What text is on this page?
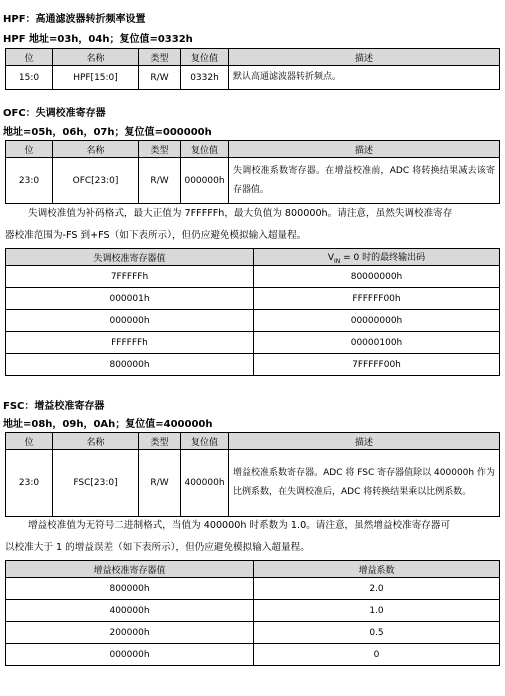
HPF：高通滤波器转折频率设置
HPF 地址=03h，04h；复位值=0332h
位	名称	类型	复位值	描述
15:0	HPF[15:0]	R/W	0332h	默认高通滤波器转折频点。
OFC：失调校准寄存器
地址=05h，06h，07h；复位值=000000h
位	名称	类型	复位值	描述
23:0	OFC[23:0]	R/W	000000h	失调校准系数寄存器。在增益校准前，ADC 将转换结果减去该寄存器值。
失调校准值为补码格式，最大正值为 7FFFFFh，最大负值为 800000h。请注意，虽然失调校准寄存
器校准范围为-FS 到+FS（如下表所示），但仍应避免模拟输入超量程。
失调校准寄存器值	$V_{IN} = 0$ 时的最终输出码
7FFFFFh	80000000h
000001h	FFFFFF00h
000000h	00000000h
FFFFFFh	00000100h
800000h	7FFFFF00h
FSC：增益校准寄存器
地址=08h，09h，0Ah；复位值=400000h
位	名称	类型	复位值	描述
23:0	FSC[23:0]	R/W	400000h	增益校准系数寄存器。ADC 将 FSC 寄存器值除以 400000h 作为比例系数，在失调校准后，ADC 将转换结果乘以比例系数。
增益校准值为无符号二进制格式，当值为 400000h 时系数为 1.0。请注意，虽然增益校准寄存器可
以校准大于 1 的增益误差（如下表所示），但仍应避免模拟输入超量程。
增益校准寄存器值	增益系数
800000h	2.0
400000h	1.0
200000h	0.5
000000h	0
